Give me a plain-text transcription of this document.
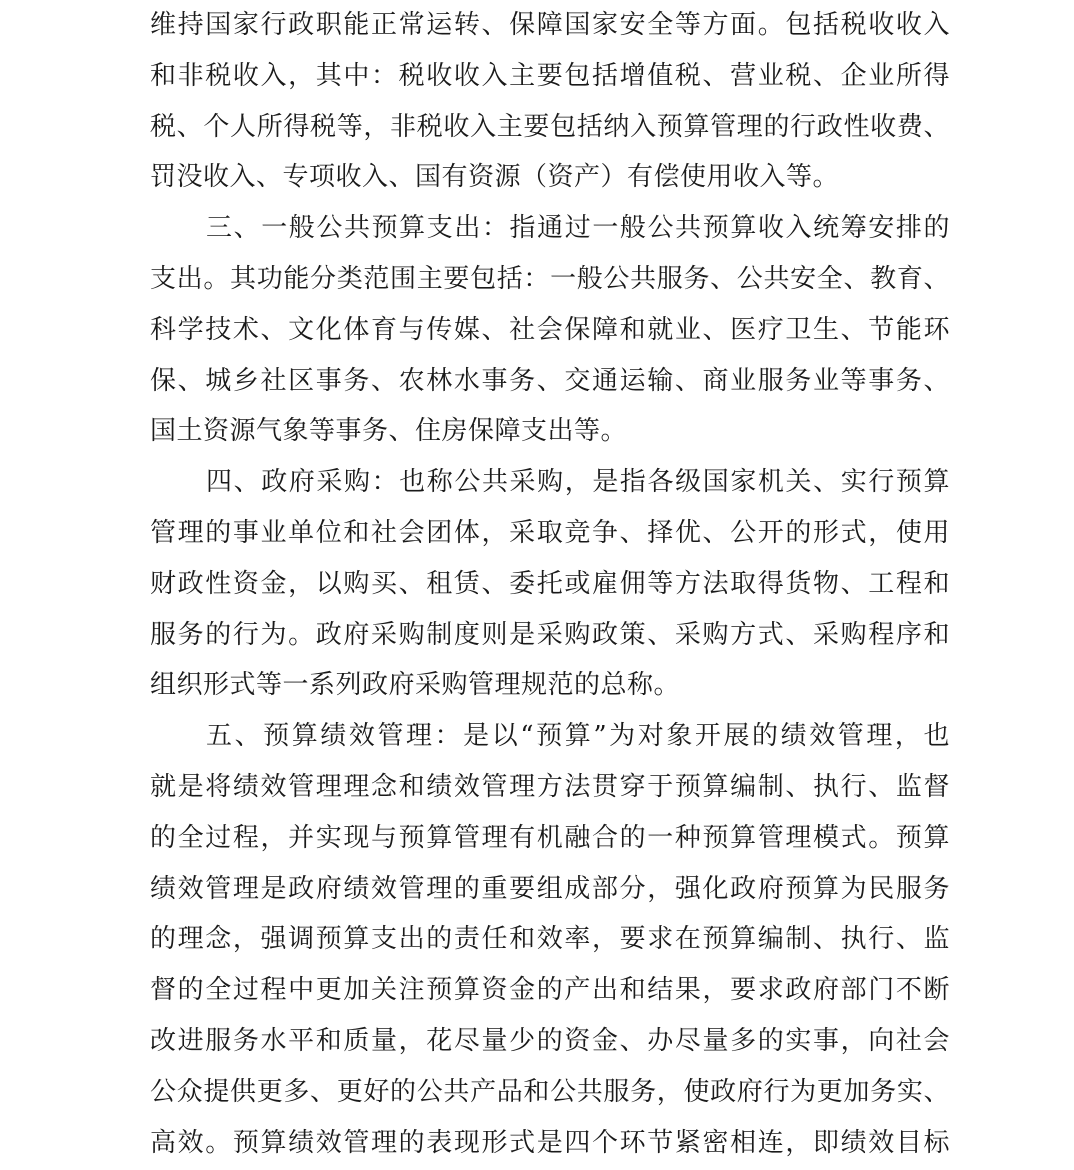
维持国家行政职能正常运转、保障国家安全等方面。包括税收收入
和非税收入，其中：税收收入主要包括增值税、营业税、企业所得
税、个人所得税等，非税收入主要包括纳入预算管理的行政性收费、
罚没收入、专项收入、国有资源（资产）有偿使用收入等。
三、一般公共预算支出：指通过一般公共预算收入统筹安排的
支出。其功能分类范围主要包括：一般公共服务、公共安全、教育、
科学技术、文化体育与传媒、社会保障和就业、医疗卫生、节能环
保、城乡社区事务、农林水事务、交通运输、商业服务业等事务、
国土资源气象等事务、住房保障支出等。
四、政府采购：也称公共采购，是指各级国家机关、实行预算
管理的事业单位和社会团体，采取竞争、择优、公开的形式，使用
财政性资金，以购买、租赁、委托或雇佣等方法取得货物、工程和
服务的行为。政府采购制度则是采购政策、采购方式、采购程序和
组织形式等一系列政府采购管理规范的总称。
五、预算绩效管理：是以“预算”为对象开展的绩效管理，也
就是将绩效管理理念和绩效管理方法贯穿于预算编制、执行、监督
的全过程，并实现与预算管理有机融合的一种预算管理模式。预算
绩效管理是政府绩效管理的重要组成部分，强化政府预算为民服务
的理念，强调预算支出的责任和效率，要求在预算编制、执行、监
督的全过程中更加关注预算资金的产出和结果，要求政府部门不断
改进服务水平和质量，花尽量少的资金、办尽量多的实事，向社会
公众提供更多、更好的公共产品和公共服务，使政府行为更加务实、
高效。预算绩效管理的表现形式是四个环节紧密相连，即绩效目标
